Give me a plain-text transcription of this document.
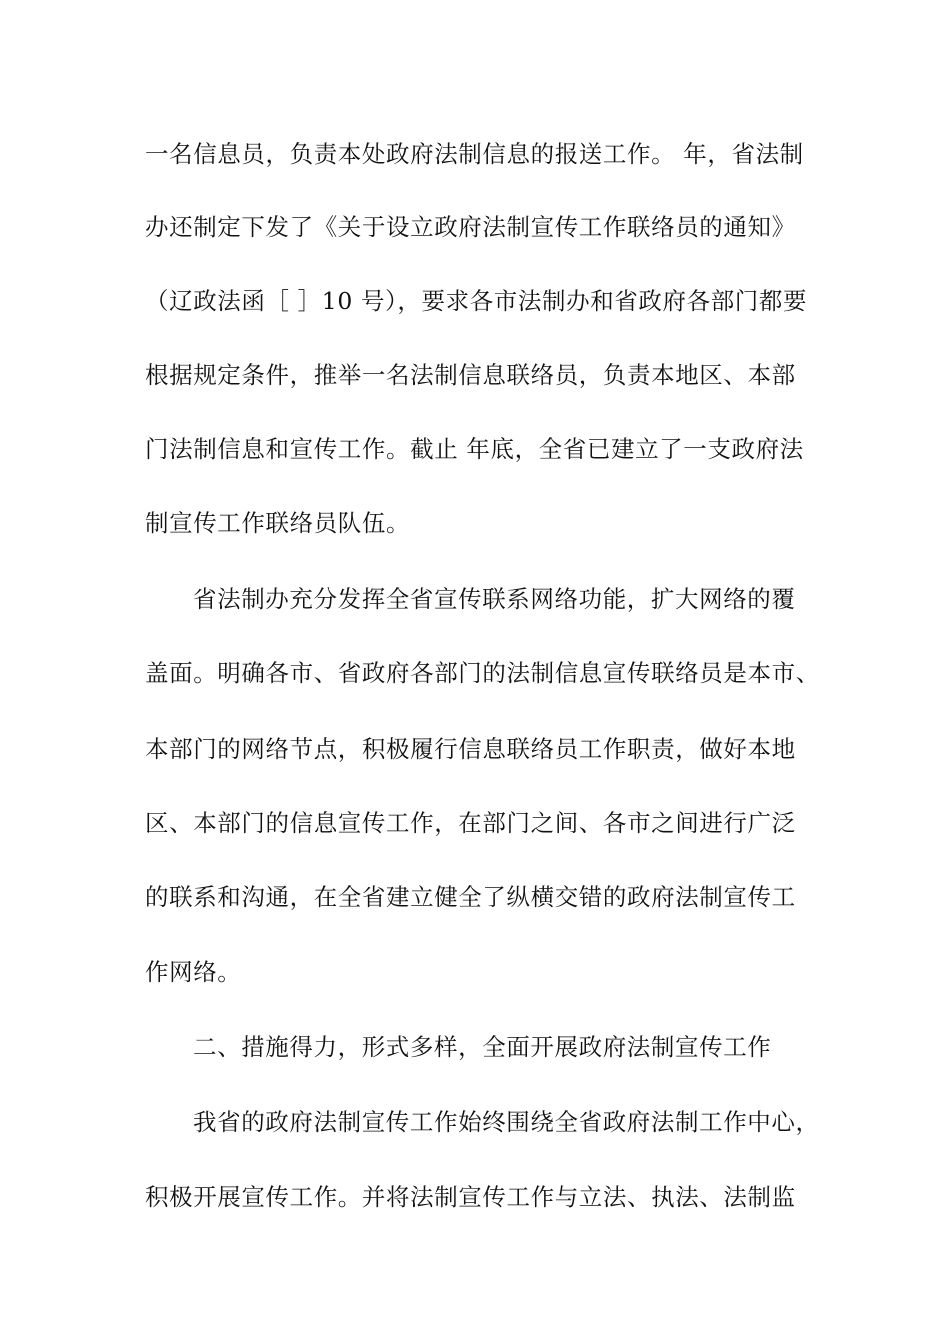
一名信息员，负责本处政府法制信息的报送工作。 年，省法制
办还制定下发了《关于设立政府法制宣传工作联络员的通知》
（辽政法函［ ］10 号），要求各市法制办和省政府各部门都要
根据规定条件，推举一名法制信息联络员，负责本地区、本部
门法制信息和宣传工作。截止 年底，全省已建立了一支政府法
制宣传工作联络员队伍。
省法制办充分发挥全省宣传联系网络功能，扩大网络的覆
盖面。明确各市、省政府各部门的法制信息宣传联络员是本市、
本部门的网络节点，积极履行信息联络员工作职责，做好本地
区、本部门的信息宣传工作，在部门之间、各市之间进行广泛
的联系和沟通，在全省建立健全了纵横交错的政府法制宣传工
作网络。
二、措施得力，形式多样，全面开展政府法制宣传工作
我省的政府法制宣传工作始终围绕全省政府法制工作中心，
积极开展宣传工作。并将法制宣传工作与立法、执法、法制监
